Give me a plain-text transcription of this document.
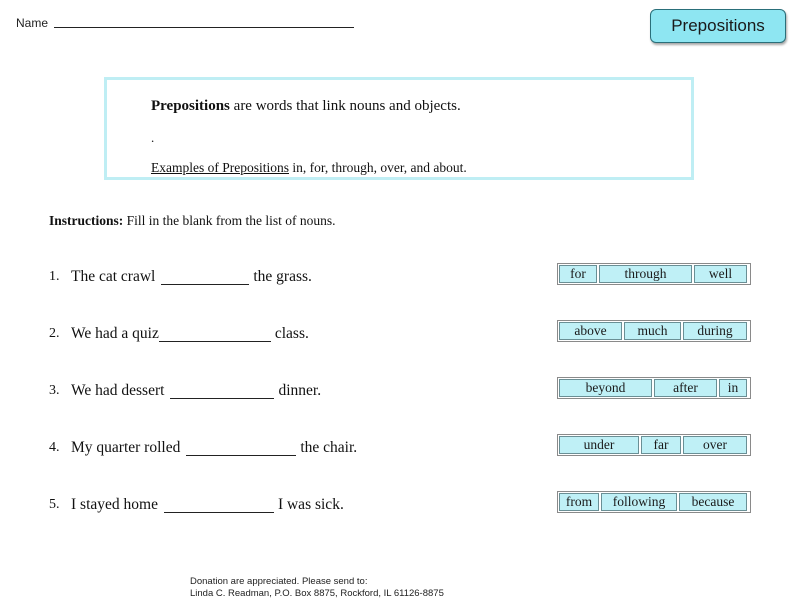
Name	Prepositions
Prepositions are words that link nouns and objects.
.
Examples of Prepositions in, for, through, over, and about.
Instructions: Fill in the blank from the list of nouns.
1. The cat crawl	the grass.	for	through	well
2. We had a quiz	class.	above	much	during
3. We had dessert	dinner.	beyond	after	in
4. My quarter rolled	the chair.	under	far	over
5. I stayed home	I was sick.	from	following	because
Donation are appreciated. Please send to:
Linda C. Readman, P.O. Box 8875, Rockford, IL 61126-8875
